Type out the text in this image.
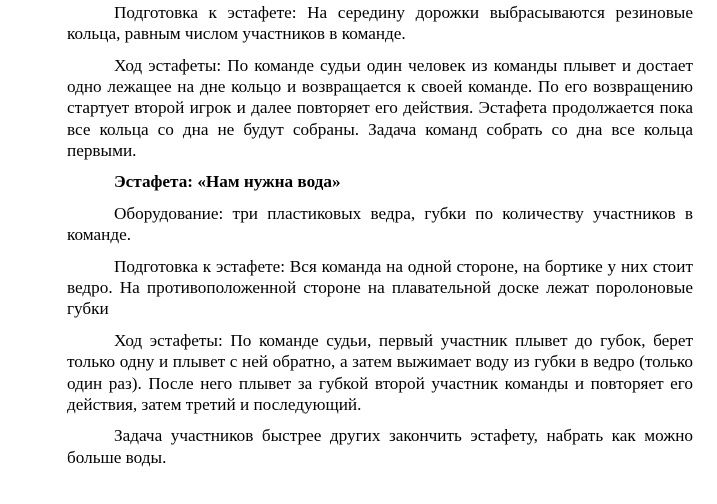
Подготовка к эстафете: На середину дорожки выбрасываются резиновые кольца, равным числом участников в команде.

Ход эстафеты: По команде судьи один человек из команды плывет и достает одно лежащее на дне кольцо и возвращается к своей команде. По его возвращению стартует второй игрок и далее повторяет его действия. Эстафета продолжается пока все кольца со дна не будут собраны. Задача команд собрать со дна все кольца первыми.

Эстафета: «Нам нужна вода»

Оборудование: три пластиковых ведра, губки по количеству участников в команде.

Подготовка к эстафете: Вся команда на одной стороне, на бортике у них стоит ведро. На противоположенной стороне на плавательной доске лежат поролоновые губки

Ход эстафеты: По команде судьи, первый участник плывет до губок, берет только одну и плывет с ней обратно, а затем выжимает воду из губки в ведро (только один раз). После него плывет за губкой второй участник команды и повторяет его действия, затем третий и последующий.

Задача участников быстрее других закончить эстафету, набрать как можно больше воды.
